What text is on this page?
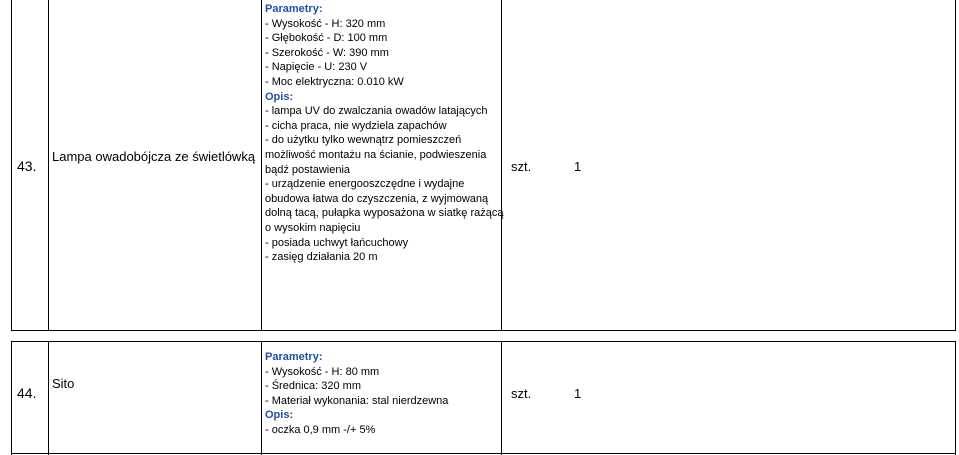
43.
Lampa owadobójcza ze świetlówką
Parametry:
- Wysokość - H: 320 mm
- Głębokość - D: 100 mm
- Szerokość - W: 390 mm
- Napięcie - U: 230 V
- Moc elektryczna: 0.010 kW
Opis:
- lampa UV do zwalczania owadów latających
- cicha praca, nie wydziela zapachów
- do użytku tylko wewnątrz pomieszczeń
możliwość montażu na ścianie, podwieszenia
bądź postawienia
- urządzenie energooszczędne i wydajne
obudowa łatwa do czyszczenia, z wyjmowaną
dolną tacą, pułapka wyposażona w siatkę rażącą
o wysokim napięciu
- posiada uchwyt łańcuchowy
- zasięg działania 20 m
szt.	1
44.
Sito
Parametry:
- Wysokość - H: 80 mm
- Średnica: 320 mm
- Materiał wykonania: stal nierdzewna
Opis:
- oczka 0,9 mm -/+ 5%
szt.	1
